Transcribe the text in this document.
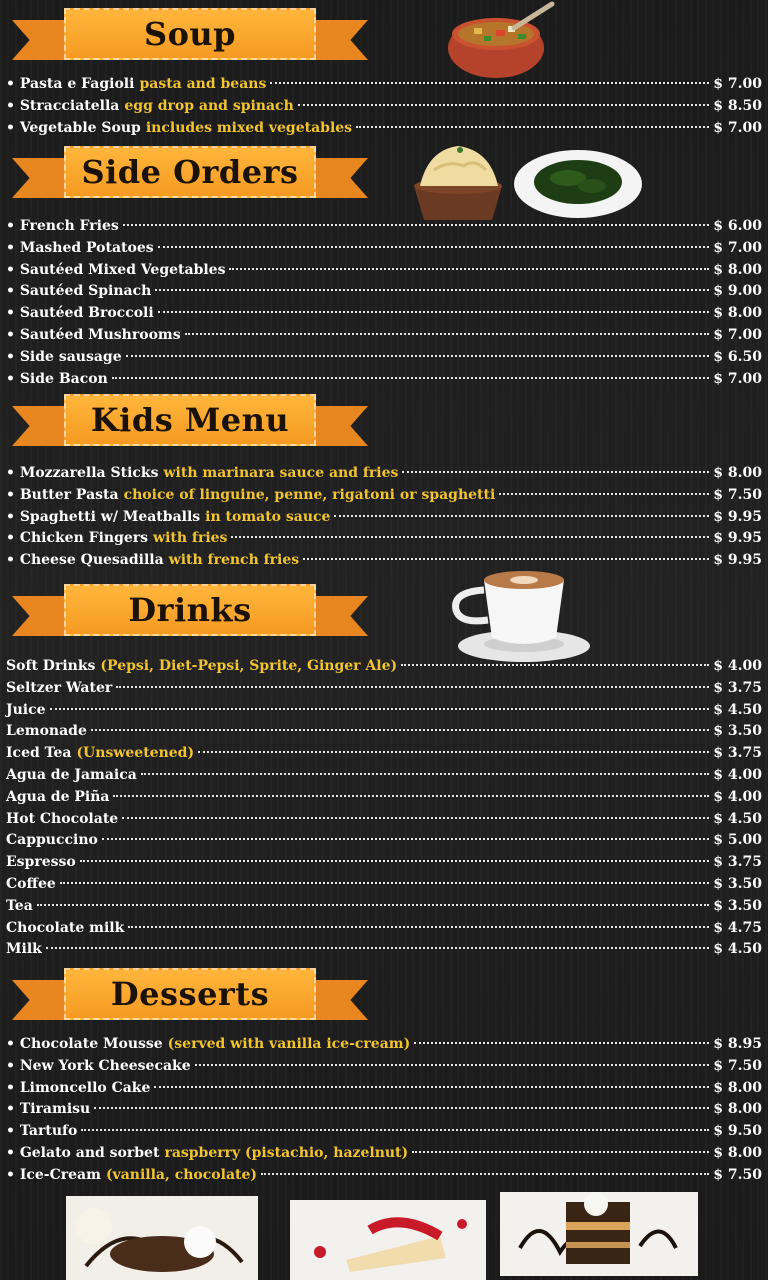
Soup
• Pasta e Fagioli pasta and beans	$ 7.00
• Stracciatella egg drop and spinach	$ 8.50
• Vegetable Soup includes mixed vegetables	$ 7.00
Side Orders
• French Fries	$ 6.00
• Mashed Potatoes	$ 7.00
• Sautéed Mixed Vegetables	$ 8.00
• Sautéed Spinach	$ 9.00
• Sautéed Broccoli	$ 8.00
• Sautéed Mushrooms	$ 7.00
• Side sausage	$ 6.50
• Side Bacon	$ 7.00
Kids Menu
• Mozzarella Sticks with marinara sauce and fries	$ 8.00
• Butter Pasta choice of linguine, penne, rigatoni or spaghetti	$ 7.50
• Spaghetti w/ Meatballs in tomato sauce	$ 9.95
• Chicken Fingers with fries	$ 9.95
• Cheese Quesadilla with french fries	$ 9.95
Drinks
Soft Drinks (Pepsi, Diet-Pepsi, Sprite, Ginger Ale)	$ 4.00
Seltzer Water	$ 3.75
Juice	$ 4.50
Lemonade	$ 3.50
Iced Tea (Unsweetened)	$ 3.75
Agua de Jamaica	$ 4.00
Agua de Piña	$ 4.00
Hot Chocolate	$ 4.50
Cappuccino	$ 5.00
Espresso	$ 3.75
Coffee	$ 3.50
Tea	$ 3.50
Chocolate milk	$ 4.75
Milk	$ 4.50
Desserts
• Chocolate Mousse (served with vanilla ice-cream)	$ 8.95
• New York Cheesecake	$ 7.50
• Limoncello Cake	$ 8.00
• Tiramisu	$ 8.00
• Tartufo	$ 9.50
• Gelato and sorbet raspberry (pistachio, hazelnut)	$ 8.00
• Ice-Cream (vanilla, chocolate)	$ 7.50
